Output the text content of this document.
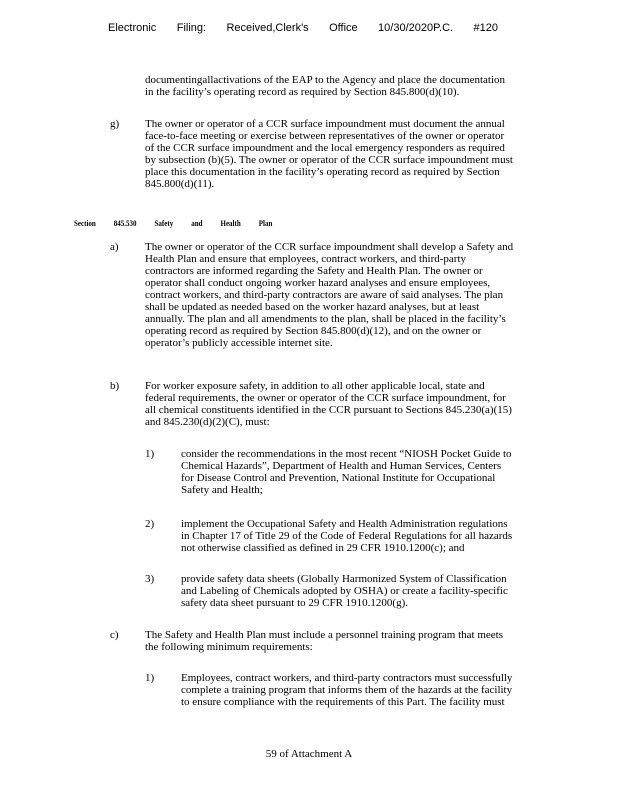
Electronic Filing: Received,Clerk's Office 10/30/2020P.C. #120
documentingallactivations of the EAP to the Agency and place the documentation
in the facility’s operating record as required by Section 845.800(d)(10).
g) The owner or operator of a CCR surface impoundment must document the annual
face-to-face meeting or exercise between representatives of the owner or operator
of the CCR surface impoundment and the local emergency responders as required
by subsection (b)(5). The owner or operator of the CCR surface impoundment must
place this documentation in the facility’s operating record as required by Section
845.800(d)(11).
Section	845.530	Safety	and	Health	Plan
a) The owner or operator of the CCR surface impoundment shall develop a Safety and
Health Plan and ensure that employees, contract workers, and third-party
contractors are informed regarding the Safety and Health Plan. The owner or
operator shall conduct ongoing worker hazard analyses and ensure employees,
contract workers, and third-party contractors are aware of said analyses. The plan
shall be updated as needed based on the worker hazard analyses, but at least
annually. The plan and all amendments to the plan, shall be placed in the facility’s
operating record as required by Section 845.800(d)(12), and on the owner or
operator’s publicly accessible internet site.
b) For worker exposure safety, in addition to all other applicable local, state and
federal requirements, the owner or operator of the CCR surface impoundment, for
all chemical constituents identified in the CCR pursuant to Sections 845.230(a)(15)
and 845.230(d)(2)(C), must:
1) consider the recommendations in the most recent “NIOSH Pocket Guide to
Chemical Hazards”, Department of Health and Human Services, Centers
for Disease Control and Prevention, National Institute for Occupational
Safety and Health;
2) implement the Occupational Safety and Health Administration regulations
in Chapter 17 of Title 29 of the Code of Federal Regulations for all hazards
not otherwise classified as defined in 29 CFR 1910.1200(c); and
3) provide safety data sheets (Globally Harmonized System of Classification
and Labeling of Chemicals adopted by OSHA) or create a facility-specific
safety data sheet pursuant to 29 CFR 1910.1200(g).
c) The Safety and Health Plan must include a personnel training program that meets
the following minimum requirements:
1) Employees, contract workers, and third-party contractors must successfully
complete a training program that informs them of the hazards at the facility
to ensure compliance with the requirements of this Part. The facility must
59 of Attachment A
